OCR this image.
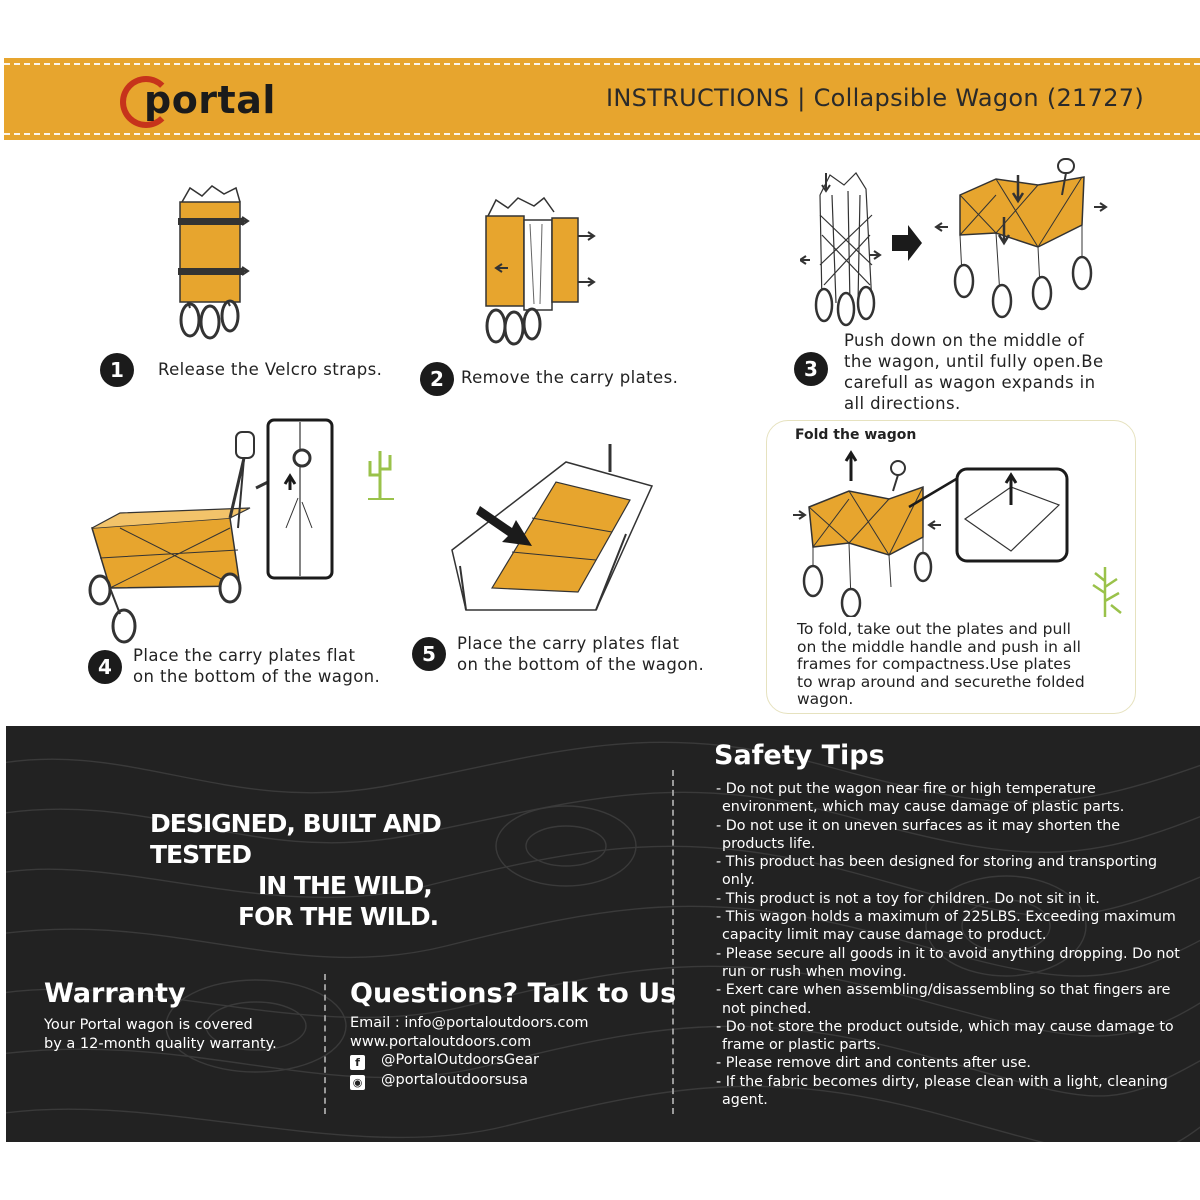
portal	INSTRUCTIONS | Collapsible Wagon (21727)
1	Release the Velcro straps.	2	Remove the carry plates.	3
Push down on the middle of
the wagon, until fully open.Be
carefull as wagon expands in
all directions.
4	Place the carry plates flat
on the bottom of the wagon.
5	Place the carry plates flat
on the bottom of the wagon.
Fold the wagon
To fold, take out the plates and pull
on the middle handle and push in all
frames for compactness.Use plates
to wrap around and securethe folded
wagon.
DESIGNED, BUILT AND TESTED
IN THE WILD,
FOR THE WILD.
Warranty
Your Portal wagon is covered
by a 12-month quality warranty.
Questions? Talk to Us
Email : info@portaloutdoors.com
www.portaloutdoors.com
f @PortalOutdoorsGear
◉ @portaloutdoorsusa
Safety Tips
- Do not put the wagon near fire or high temperature environment, which may cause damage of plastic parts.
- Do not use it on uneven surfaces as it may shorten the products life.
- This product has been designed for storing and transporting only.
- This product is not a toy for children. Do not sit in it.
- This wagon holds a maximum of 225LBS. Exceeding maximum capacity limit may cause damage to product.
- Please secure all goods in it to avoid anything dropping. Do not run or rush when moving.
- Exert care when assembling/disassembling so that fingers are not pinched.
- Do not store the product outside, which may cause damage to frame or plastic parts.
- Please remove dirt and contents after use.
- If the fabric becomes dirty, please clean with a light, cleaning agent.
